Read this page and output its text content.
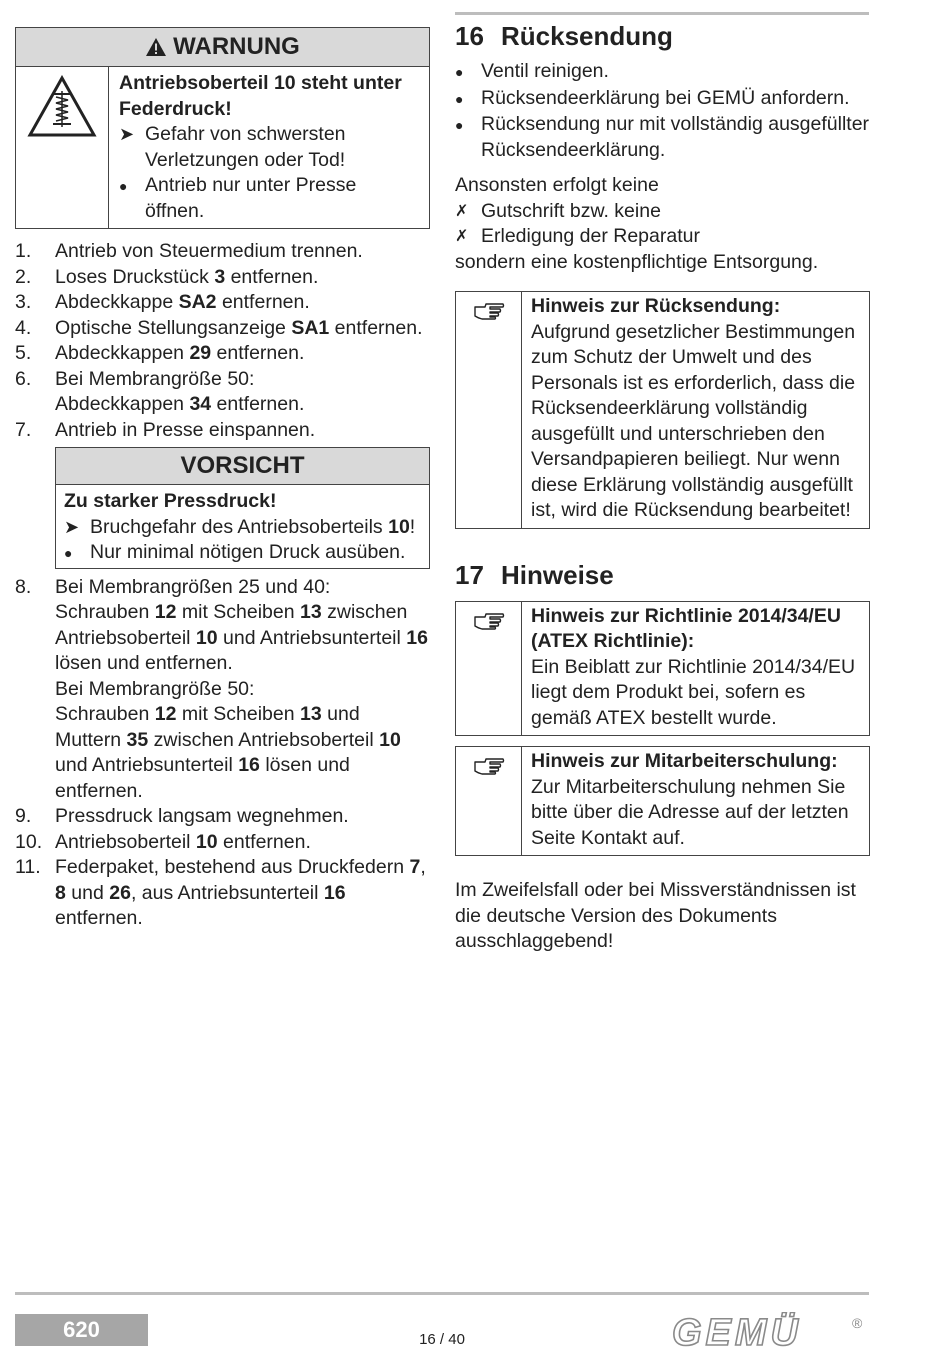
WARNUNG
Antriebsoberteil 10 steht unter Federdruck!
➤ Gefahr von schwersten Verletzungen oder Tod!
● Antrieb nur unter Presse öffnen.
1.	Antrieb von Steuermedium trennen.
2.	Loses Druckstück 3 entfernen.
3.	Abdeckkappe SA2 entfernen.
4.	Optische Stellungsanzeige SA1 entfernen.
5.	Abdeckkappen 29 entfernen.
6.	Bei Membrangröße 50:
Abdeckkappen 34 entfernen.
7.	Antrieb in Presse einspannen.
VORSICHT
Zu starker Pressdruck!
➤ Bruchgefahr des Antriebsoberteils 10!
● Nur minimal nötigen Druck ausüben.
8.	Bei Membrangrößen 25 und 40:
Schrauben 12 mit Scheiben 13 zwischen Antriebsoberteil 10 und Antriebsunterteil 16 lösen und entfernen.
Bei Membrangröße 50:
Schrauben 12 mit Scheiben 13 und Muttern 35 zwischen Antriebsoberteil 10 und Antriebsunterteil 16 lösen und entfernen.
9.	Pressdruck langsam wegnehmen.
10. Antriebsoberteil 10 entfernen.
11. Federpaket, bestehend aus Druckfedern 7, 8 und 26, aus Antriebsunterteil 16 entfernen.
16 Rücksendung
● Ventil reinigen.
● Rücksendeerklärung bei GEMÜ anfordern.
● Rücksendung nur mit vollständig ausgefüllter Rücksendeerklärung.
Ansonsten erfolgt keine
✗ Gutschrift bzw. keine
✗ Erledigung der Reparatur
sondern eine kostenpflichtige Entsorgung.
Hinweis zur Rücksendung:
Aufgrund gesetzlicher Bestimmungen zum Schutz der Umwelt und des Personals ist es erforderlich, dass die Rücksendeerklärung vollständig ausgefüllt und unterschrieben den Versandpapieren beiliegt. Nur wenn diese Erklärung vollständig ausgefüllt ist, wird die Rücksendung bearbeitet!
17 Hinweise
Hinweis zur Richtlinie 2014/34/EU (ATEX Richtlinie):
Ein Beiblatt zur Richtlinie 2014/34/EU liegt dem Produkt bei, sofern es gemäß ATEX bestellt wurde.
Hinweis zur Mitarbeiterschulung:
Zur Mitarbeiterschulung nehmen Sie bitte über die Adresse auf der letzten Seite Kontakt auf.
Im Zweifelsfall oder bei Missverständnissen ist die deutsche Version des Dokuments ausschlaggebend!
620	16 / 40	GEMÜ	®
